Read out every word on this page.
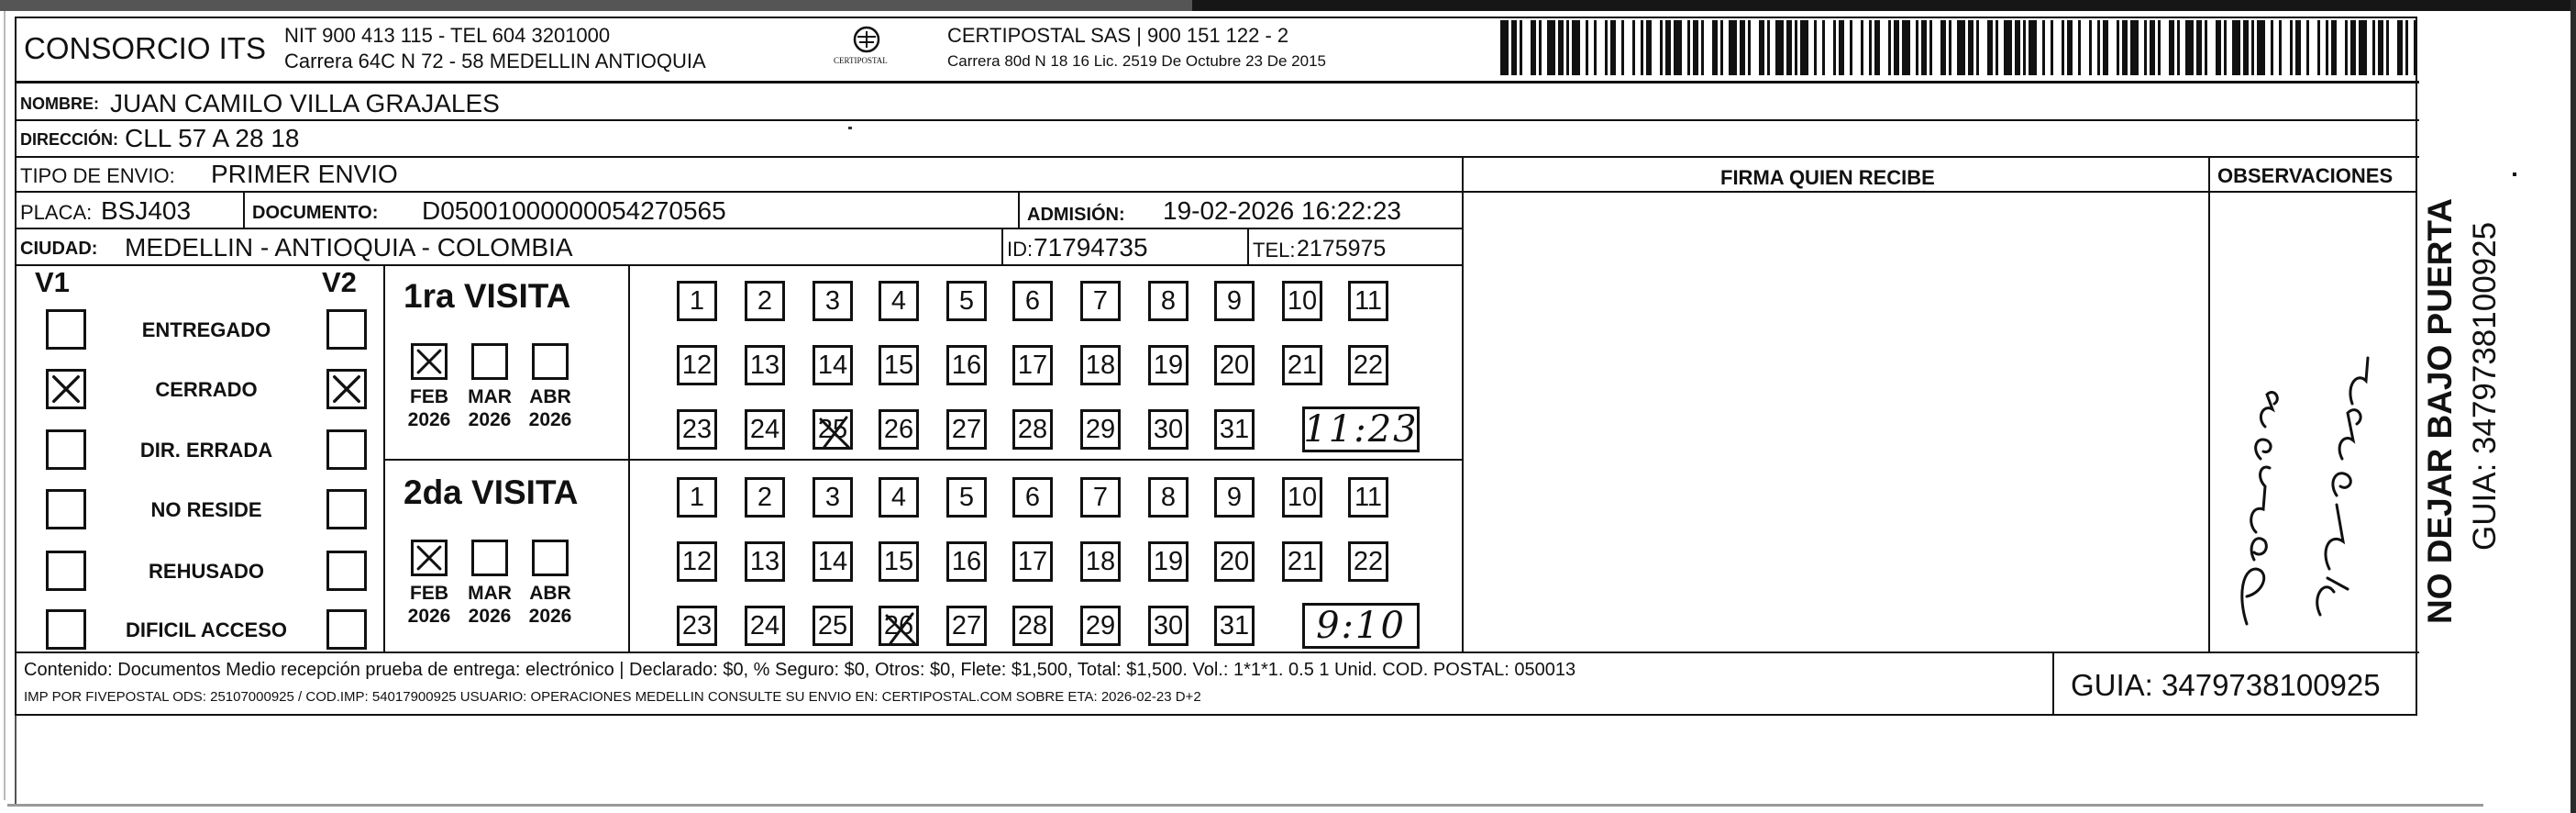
CONSORCIO ITS NIT 900 413 115 - TEL 604 3201000
Carrera 64C N 72 - 58 MEDELLIN ANTIOQUIA	CERTIPOSTAL
CERTIPOSTAL SAS | 900 151 122 - 2
Carrera 80d N 18 16 Lic. 2519 De Octubre 23 De 2015
NO DEJAR BAJO PUERTA GUIA: 3479738100925
NOMBRE: JUAN CAMILO VILLA GRAJALES
DIRECCIÓN: CLL 57 A 28 18
TIPO DE ENVIO: PRIMER ENVIO
PLACA: BSJ403	DOCUMENTO: D05001000000054270565	ADMISIÓN: 19-02-2026 16:22:23
CIUDAD: MEDELLIN - ANTIOQUIA - COLOMBIA	ID: 71794735	TEL: 2175975
FIRMA QUIEN RECIBE	OBSERVACIONES
V1	V2
ENTREGADO
CERRADO
DIR. ERRADA
NO RESIDE
REHUSADO
DIFICIL ACCESO
1ra VISITA
FEB
2026
MAR
2026
ABR
2026
1	2	3	4	5	6	7	8	9	10 11
12 13 14 15 16 17 18 19 20 21 22
23 24 25 26 27 28 29 30 31 11:23
2da VISITA
FEB
2026
MAR
2026
ABR
2026
1	2	3	4	5	6	7	8	9	10 11
12 13 14 15 16 17 18 19 20 21 22
23 24 25 26 27 28 29 30 31	9:10
Contenido: Documentos Medio recepción prueba de entrega: electrónico | Declarado: $0, % Seguro: $0, Otros: $0, Flete: $1,500, Total: $1,500. Vol.: 1*1*1. 0.5 1 Unid. COD. POSTAL: 050013
IMP POR FIVEPOSTAL ODS: 25107000925 / COD.IMP: 54017900925 USUARIO: OPERACIONES MEDELLIN CONSULTE SU ENVIO EN: CERTIPOSTAL.COM SOBRE ETA: 2026-02-23 D+2	GUIA: 3479738100925
